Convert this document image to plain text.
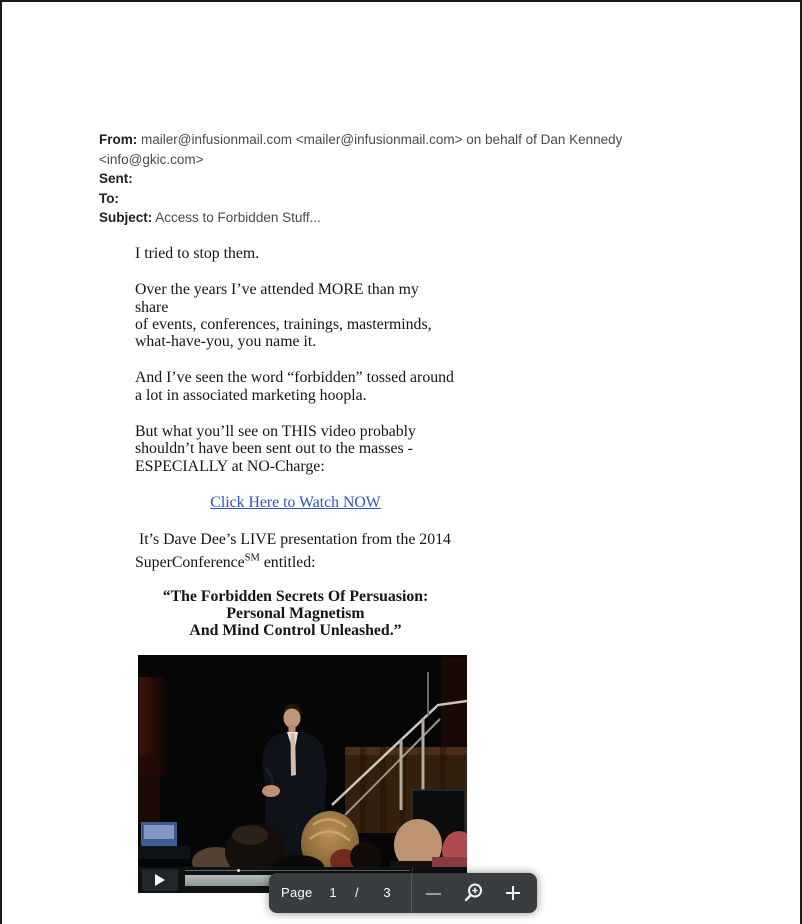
From: mailer@infusionmail.com <mailer@infusionmail.com> on behalf of Dan Kennedy <info@gkic.com>
Sent:
To:
Subject: Access to Forbidden Stuff...
I tried to stop them.
Over the years I’ve attended MORE than my share
of events, conferences, trainings, masterminds,
what-have-you, you name it.
And I’ve seen the word “forbidden” tossed around
a lot in associated marketing hoopla.
But what you’ll see on THIS video probably
shouldn’t have been sent out to the masses -
ESPECIALLY at NO-Charge:
Click Here to Watch NOW
It’s Dave Dee’s LIVE presentation from the 2014
SuperConference℠ entitled:
“The Forbidden Secrets Of Persuasion:
Personal Magnetism
And Mind Control Unleashed.”
Page	1	/	3
